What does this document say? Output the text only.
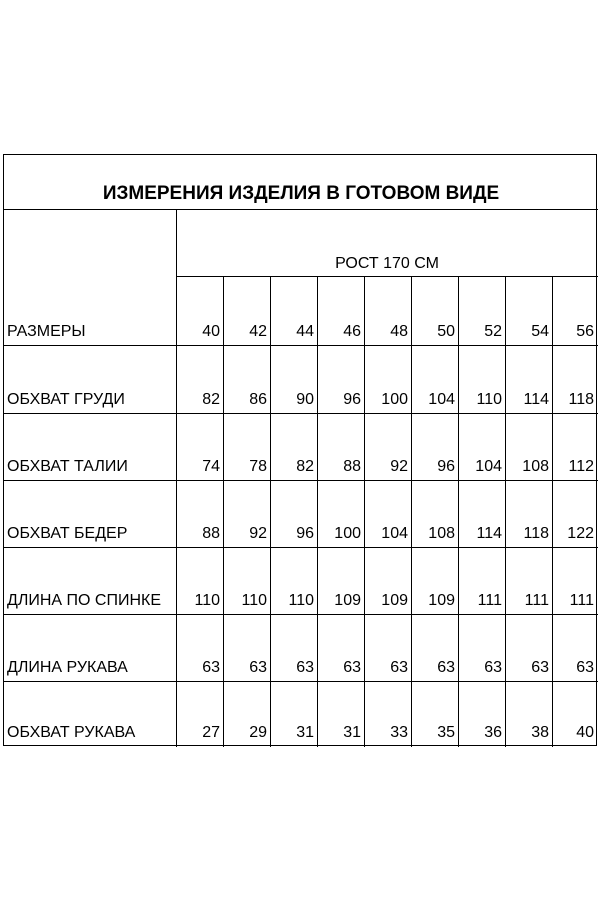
ИЗМЕРЕНИЯ ИЗДЕЛИЯ В ГОТОВОМ ВИДЕ
РОСТ 170 СМ
РАЗМЕРЫ	40	42	44	46	48	50	52	54	56
ОБХВАТ ГРУДИ	82	86	90	96	100	104	110	114	118
ОБХВАТ ТАЛИИ	74	78	82	88	92	96	104	108	112
ОБХВАТ БЕДЕР	88	92	96	100	104	108	114	118	122
ДЛИНА ПО СПИНКЕ	110	110	110	109	109	109	111	111	111
ДЛИНА РУКАВА	63	63	63	63	63	63	63	63	63
ОБХВАТ РУКАВА	27	29	31	31	33	35	36	38	40
